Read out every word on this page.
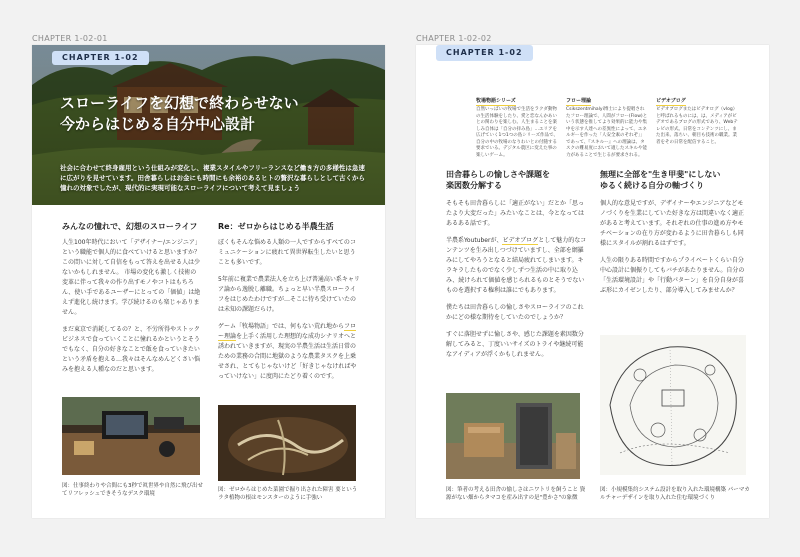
CHAPTER 1-02-01	CHAPTER 1-02-02
CHAPTER 1-02
スローライフを幻想で終わらせない
今からはじめる自分中心設計
社会に合わせて終身雇用という仕組みが変化し、複業スタイルやフリーランスなど働き方の多様性は急速に広がりを見せています。田舎暮らしはお金にも時間にも余裕のあるヒトの贅沢な暮らしとして古くから憧れの対象でしたが、現代的に実現可能なスローライフについて考えて見ましょう
みんなの憧れで、幻想のスローライフ

人生100年時代において「デザイナー/エンジニア」という職能で個人的に食べていけると思いますか？ この問いに対して自信をもって答えを出せる人は少ないかもしれません。 市場の変化も激しく技術の変革に伴って我々の作り出すモノやコトはもちろん、使い手であるユーザーにとっての「価値」は絶えず進化し続けます。学び続けるのも楽じゃありません。

まだ東京で消耗してるの？と、不労所得やストックビジネスで食っていくことに憧れるかというとそうでもなく、自分の好きなことで飯を食っていきたいという矛盾を抱える…我々はそんなめんどくさい悩みを抱える人種なのだと思います。

図：仕事終わりや合間にも3秒で眞世界や自然に飛び出せてリフレッシュできそうなデスク環境
Re：ゼロからはじめる半農生活

ぼくもそんな悩める人類の一人ですからすべてのコミュニケーションに疲れて異世界転生したいと思うことも多いです。

5年前に複業で農業法人を立ち上げ普通高い系キャリア論から逸脱し離職。ちょっと早い半農スローライフをはじめたわけですが…そこに待ち受けていたのは未知の課題だらけ。

ゲーム「牧場物語」では、何もない荒れ地からフロー理論を上手く活用した理想的な成功シナリオへと誘われていきますが、現実の半農生活は生活日常のための業務の合間に地獄のような農業タスクを上乗せされ、とてもじゃないけど「好きじゃなければやっていけない」に度肉にたどり着くのです。

図：ゼロからはじめた菜園で掘り出された障害 要というラタ植物の根はモンスターのように手強い
CHAPTER 1-02
牧場物語シリーズ
自然いっぱいの牧場で生活をラクダ動物の生活体験をしたり、愛と恋なんかあいとの関わりを楽しむ。人生まることを楽しみ自体は「自分の拝み島」…エリアを広げていく1つ1つの島シリーズ作品で、自分の中の牧場のなりわいとの付随する要求でいる。デジタル農区に変えた事の楽しいゲーム。
フロー理論
Csikszentmihalyi博士により提唱されたフロー理論で、人間がフロー(Flow)という状態を推してより効果的に能力や集中を示す人達への差異性によって、エネルギーを作った「人安全素のそれぞ」」であって、『スキルー』への理論は、タスクの難易度において適したスキルや能力があることで生じるが要求される。
ビデオブログ
ビデオブログまたはビデオログ（vlog）と呼ばれるものには、は、メディアがビデオであるブログの形式であり、Webテレビの形式。日常をコンテンツにし、また出来、落ちい、朝目も技術の職業。業者をその日常を配信すること。
田舎暮らしの愉しさや課題を
楽図数分解する

そもそも田舎暮らしに「適正がない」だとか「思ったより大変だった」みたいなことは、今となってはあるある話です。

半農系Youtuberが、ビデオブログとして魅力的なコンテンツを生み出しつづけていますし、全部を網羅みにしてやろうとなると結局疲れてしまいます。キラキラしたものでなく少しずつ生活の中に取り込み、続けられて価値を感じられるものとそうでないものを選択する権利は誰にでもあります。

僕たちは田舎暮らしの愉しさやスローライフのこれかにどの様な期待をしていたのでしょうか？

すぐに落胆せずに愉しさや、感じた課題を素因数分解してみると、丁度いいサイズのトライや継続可能なアイディアが浮くかもしれません。

図：筆者の考える田舎の愉しさはニワトリを飼うこと 資源がない畑からタマコを産み出すの是"豊かさ"の象徴
無理に全部を"生き甲斐"にしない
ゆるく続ける自分の軸づくり

個人的な意見ですが、デザイナーやエンジニアなどモノづくりを生業にしていた好きな方は間違いなく適正があると考えています。それぞれの仕事の進め方やモチベーションの在り方が変わるように田舎暮らしも同様にスタイルが割れるはずです。

人生の限りある時間ですからプライベートくらい自分中心設計に個振りしてもバチがあたりません。自分の「生活環境設計」や「行動パターン」を自分自身が喜ぶ形にカイゼンしたり、部分導入してみませんか？

図：小規模集約システム設計を取り入れた環境構築 パーマカルチャーデザインを取り入れた住む環境づくり
